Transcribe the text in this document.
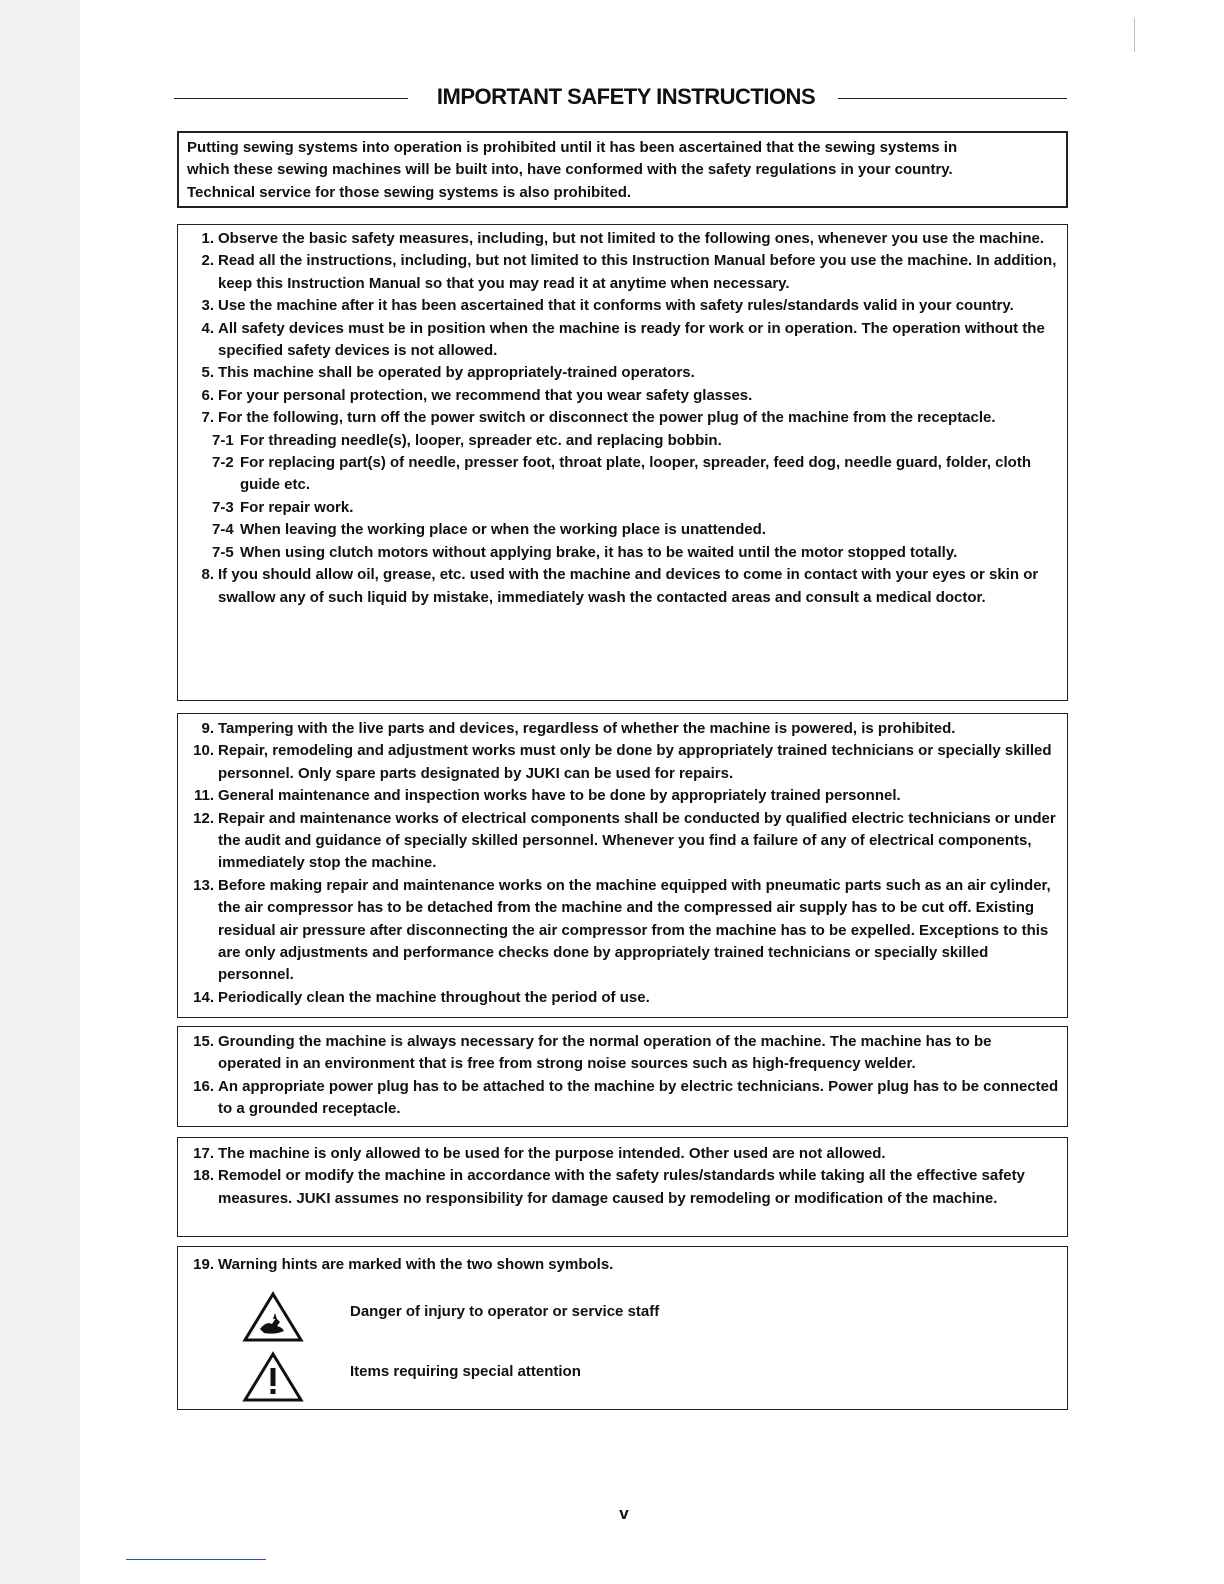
IMPORTANT SAFETY INSTRUCTIONS

Putting sewing systems into operation is prohibited until it has been ascertained that the sewing systems in

which these sewing machines will be built into, have conformed with the safety regulations in your country.

Technical service for those sewing systems is also prohibited.

1. Observe the basic safety measures, including, but not limited to the following ones, whenever you use the machine.
2. Read all the instructions, including, but not limited to this Instruction Manual before you use the machine. In addition, keep this Instruction Manual so that you may read it at anytime when necessary.
3. Use the machine after it has been ascertained that it conforms with safety rules/standards valid in your country.
4. All safety devices must be in position when the machine is ready for work or in operation. The operation without the specified safety devices is not allowed.
5. This machine shall be operated by appropriately-trained operators.
6. For your personal protection, we recommend that you wear safety glasses.
7. For the following, turn off the power switch or disconnect the power plug of the machine from the receptacle.
7-1 For threading needle(s), looper, spreader etc. and replacing bobbin.
7-2 For replacing part(s) of needle, presser foot, throat plate, looper, spreader, feed dog, needle guard, folder, cloth guide etc.
7-3 For repair work.
7-4 When leaving the working place or when the working place is unattended.
7-5 When using clutch motors without applying brake, it has to be waited until the motor stopped totally.
8. If you should allow oil, grease, etc. used with the machine and devices to come in contact with your eyes or skin or swallow any of such liquid by mistake, immediately wash the contacted areas and consult a medical doctor.
9. Tampering with the live parts and devices, regardless of whether the machine is powered, is prohibited.
10. Repair, remodeling and adjustment works must only be done by appropriately trained technicians or specially skilled personnel. Only spare parts designated by JUKI can be used for repairs.
11. General maintenance and inspection works have to be done by appropriately trained personnel.
12. Repair and maintenance works of electrical components shall be conducted by qualified electric technicians or under the audit and guidance of specially skilled personnel. Whenever you find a failure of any of electrical components, immediately stop the machine.
13. Before making repair and maintenance works on the machine equipped with pneumatic parts such as an air cylinder, the air compressor has to be detached from the machine and the compressed air supply has to be cut off. Existing residual air pressure after disconnecting the air compressor from the machine has to be expelled. Exceptions to this are only adjustments and performance checks done by appropriately trained technicians or specially skilled personnel.
14. Periodically clean the machine throughout the period of use.
15. Grounding the machine is always necessary for the normal operation of the machine. The machine has to be operated in an environment that is free from strong noise sources such as high-frequency welder.
16. An appropriate power plug has to be attached to the machine by electric technicians. Power plug has to be connected to a grounded receptacle.
17. The machine is only allowed to be used for the purpose intended. Other used are not allowed.
18. Remodel or modify the machine in accordance with the safety rules/standards while taking all the effective safety measures. JUKI assumes no responsibility for damage caused by remodeling or modification of the machine.
19. Warning hints are marked with the two shown symbols.
Danger of injury to operator or service staff
Items requiring special attention
v
